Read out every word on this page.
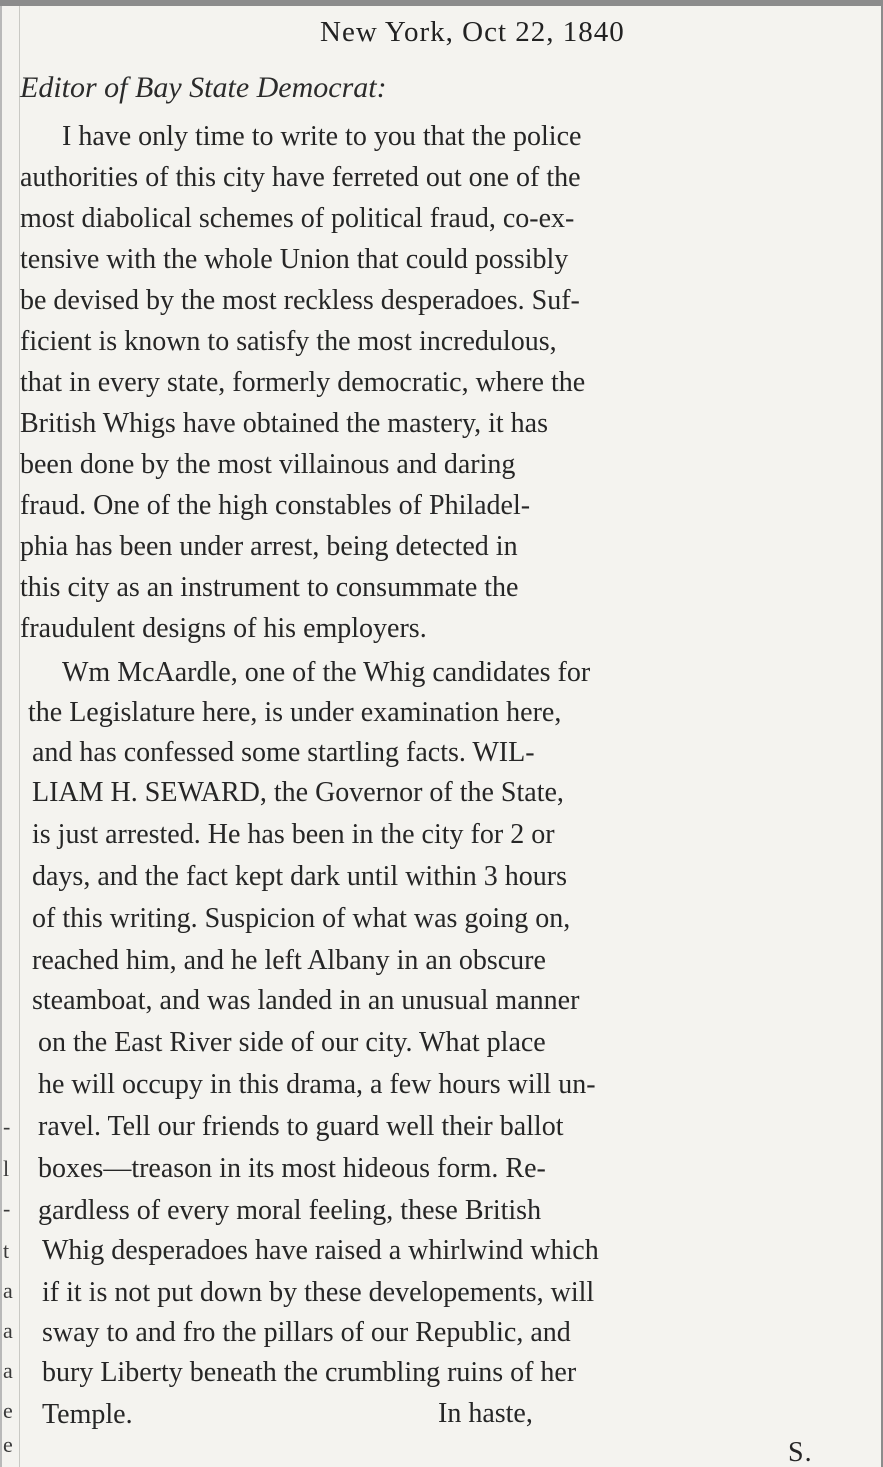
-
l
-
t
a
a
a
e
e
New York, Oct 22, 1840
Editor of Bay State Democrat:
I have only time to write to you that the police
authorities of this city have ferreted out one of the
most diabolical schemes of political fraud, co-ex-
tensive with the whole Union that could possibly
be devised by the most reckless desperadoes. Suf-
ficient is known to satisfy the most incredulous,
that in every state, formerly democratic, where the
British Whigs have obtained the mastery, it has
been done by the most villainous and daring
fraud. One of the high constables of Philadel-
phia has been under arrest, being detected in
this city as an instrument to consummate the
fraudulent designs of his employers.
Wm McAardle, one of the Whig candidates for
the Legislature here, is under examination here,
and has confessed some startling facts. WIL-
LIAM H. SEWARD, the Governor of the State,
is just arrested. He has been in the city for 2 or
days, and the fact kept dark until within 3 hours
of this writing. Suspicion of what was going on,
reached him, and he left Albany in an obscure
steamboat, and was landed in an unusual manner
on the East River side of our city. What place
he will occupy in this drama, a few hours will un-
ravel. Tell our friends to guard well their ballot
boxes—treason in its most hideous form. Re-
gardless of every moral feeling, these British
Whig desperadoes have raised a whirlwind which
if it is not put down by these developements, will
sway to and fro the pillars of our Republic, and
bury Liberty beneath the crumbling ruins of her
Temple.	In haste,
S.
